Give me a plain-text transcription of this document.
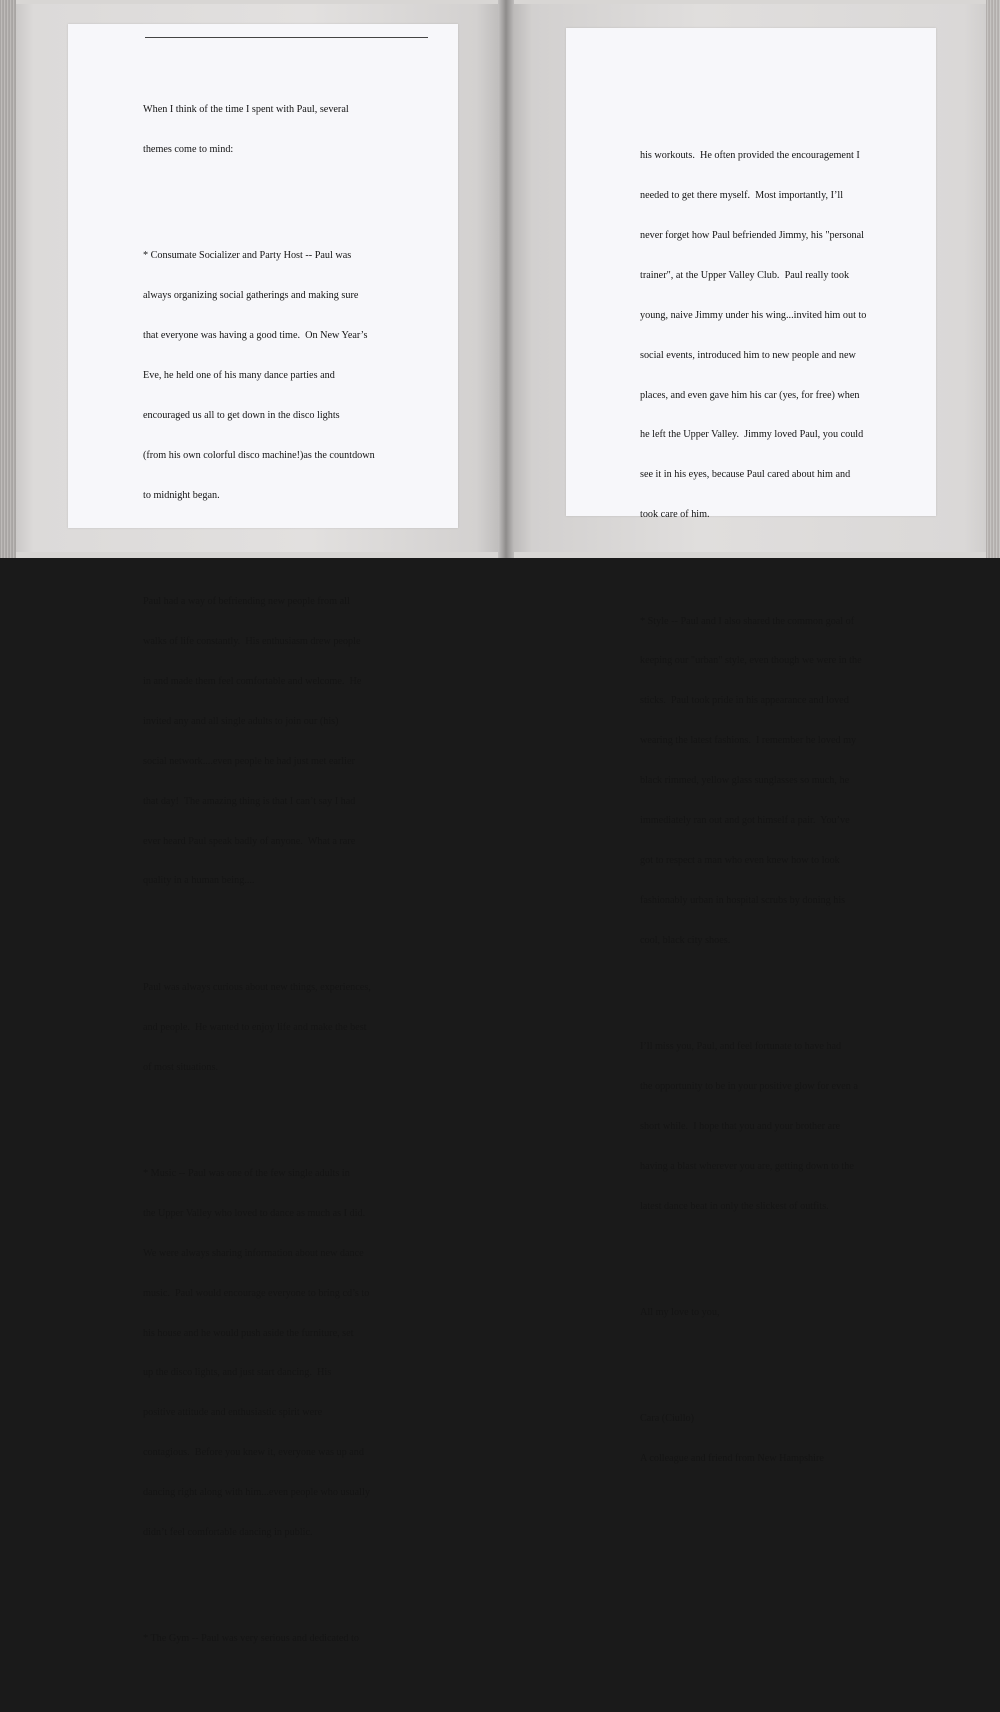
When I think of the time I spent with Paul, several

themes come to mind:

* Consumate Socializer and Party Host -- Paul was

always organizing social gatherings and making sure

that everyone was having a good time.  On New Year’s

Eve, he held one of his many dance parties and

encouraged us all to get down in the disco lights

(from his own colorful disco machine!)as the countdown

to midnight began.

Paul had a way of befriending new people from all

walks of life constantly.  His enthusiasm drew people

in and made them feel comfortable and welcome.  He

invited any and all single adults to join our (his)

social network....even people he had just met earlier

that day!  The amazing thing is that I can’t say I had

ever heard Paul speak badly of anyone.  What a rare

quality in a human being....

Paul was always curious about new things, experiences,

and people.  He wanted to enjoy life and make the best

of most situations.

* Music -- Paul was one of the few single adults in

the Upper Valley who loved to dance as much as I did.

We were always sharing information about new dance

music.  Paul would encourage everyone to bring cd’s to

his house and he would push aside the furniture, set

up the disco lights, and just start dancing.  His

positive attitude and enthusiastic spirit were

contagious.  Before you knew it, everyone was up and

dancing right along with him...even people who usually

didn’t feel comfortable dancing in public.

* The Gym -- Paul was very serious and dedicated to

his workouts.  He often provided the encouragement I

needed to get there myself.  Most importantly, I’ll

never forget how Paul befriended Jimmy, his "personal

trainer", at the Upper Valley Club.  Paul really took

young, naive Jimmy under his wing...invited him out to

social events, introduced him to new people and new

places, and even gave him his car (yes, for free) when

he left the Upper Valley.  Jimmy loved Paul, you could

see it in his eyes, because Paul cared about him and

took care of him.

* Style -- Paul and I also shared the common goal of

keeping our "urban" style, even though we were in the

sticks.  Paul took pride in his appearance and loved

wearing the latest fashions.  I remember he loved my

black rimmed, yellow glass sunglasses so much, he

immediately ran out and got himself a pair.  You’ve

got to respect a man who even knew how to look

fashionably urban in hospital scrubs by doning his

cool, black city shoes.

I’ll miss you, Paul, and feel fortunate to have had

the opportunity to be in your positive glow for even a

short while.  I hope that you and your brother are

having a blast wherever you are, getting down to the

latest dance beat in only the slickest of outfits.

All my love to you,

Cara (Ciullo)

A colleague and friend from New Hampshire
